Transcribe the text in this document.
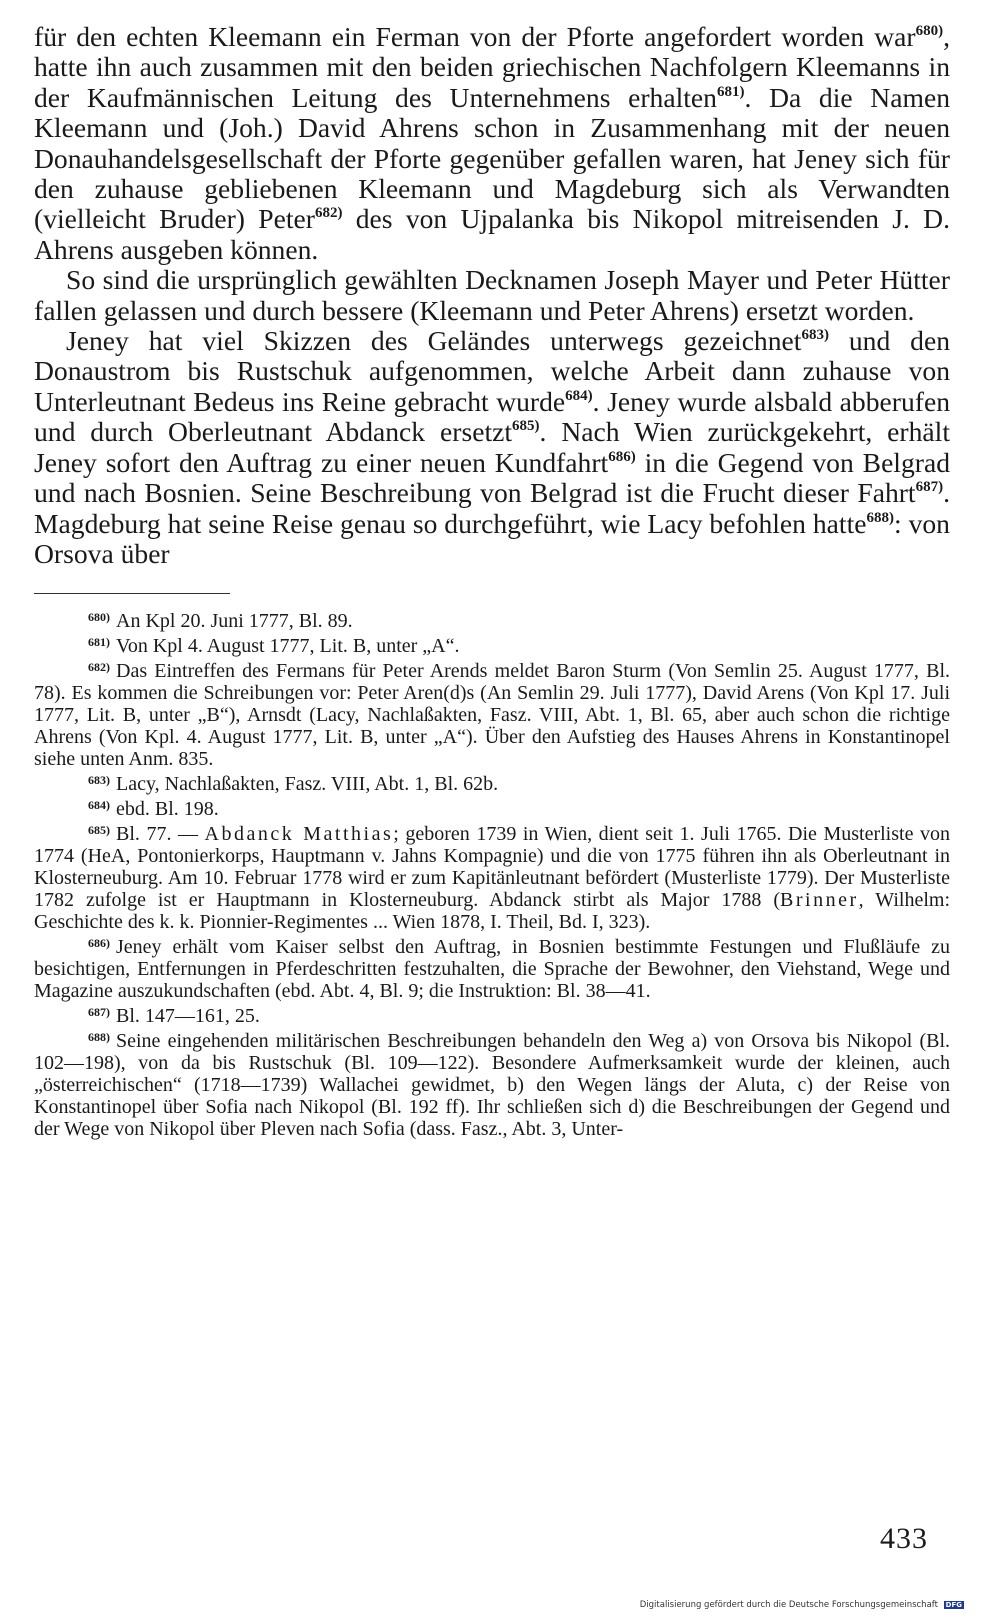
für den echten Kleemann ein Ferman von der Pforte angefordert worden war$^{680)}$, hatte ihn auch zusammen mit den beiden griechischen Nachfolgern Kleemanns in der Kaufmännischen Leitung des Unternehmens erhalten$^{681)}$. Da die Namen Kleemann und (Joh.) David Ahrens schon in Zusammenhang mit der neuen Donauhandelsgesellschaft der Pforte gegenüber gefallen waren, hat Jeney sich für den zuhause gebliebenen Kleemann und Magdeburg sich als Verwandten (vielleicht Bruder) Peter$^{682)}$ des von Ujpalanka bis Nikopol mitreisenden J. D. Ahrens ausgeben können.
So sind die ursprünglich gewählten Decknamen Joseph Mayer und Peter Hütter fallen gelassen und durch bessere (Kleemann und Peter Ahrens) ersetzt worden.
Jeney hat viel Skizzen des Geländes unterwegs gezeichnet$^{683)}$ und den Donaustrom bis Rustschuk aufgenommen, welche Arbeit dann zuhause von Unterleutnant Bedeus ins Reine gebracht wurde$^{684)}$. Jeney wurde alsbald abberufen und durch Oberleutnant Abdanck ersetzt$^{685)}$. Nach Wien zurückgekehrt, erhält Jeney sofort den Auftrag zu einer neuen Kundfahrt$^{686)}$ in die Gegend von Belgrad und nach Bosnien. Seine Beschreibung von Belgrad ist die Frucht dieser Fahrt$^{687)}$. Magdeburg hat seine Reise genau so durchgeführt, wie Lacy befohlen hatte$^{688)}$: von Orsova über
$^{680)}$ An Kpl 20. Juni 1777, Bl. 89.
$^{681)}$ Von Kpl 4. August 1777, Lit. B, unter „A“.
$^{682)}$ Das Eintreffen des Fermans für Peter Arends meldet Baron Sturm (Von Semlin 25. August 1777, Bl. 78). Es kommen die Schreibungen vor: Peter Aren(d)s (An Semlin 29. Juli 1777), David Arens (Von Kpl 17. Juli 1777, Lit. B, unter „B“), Arnsdt (Lacy, Nachlaßakten, Fasz. VIII, Abt. 1, Bl. 65, aber auch schon die richtige Ahrens (Von Kpl. 4. August 1777, Lit. B, unter „A“). Über den Aufstieg des Hauses Ahrens in Konstantinopel siehe unten Anm. 835.
$^{683)}$ Lacy, Nachlaßakten, Fasz. VIII, Abt. 1, Bl. 62b.
$^{684)}$ ebd. Bl. 198.
$^{685)}$ Bl. 77. — Abdanck Matthias; geboren 1739 in Wien, dient seit 1. Juli 1765. Die Musterliste von 1774 (HeA, Pontonierkorps, Hauptmann v. Jahns Kompagnie) und die von 1775 führen ihn als Oberleutnant in Klosterneuburg. Am 10. Februar 1778 wird er zum Kapitänleutnant befördert (Musterliste 1779). Der Musterliste 1782 zufolge ist er Hauptmann in Klosterneuburg. Abdanck stirbt als Major 1788 (Brinner, Wilhelm: Geschichte des k. k. Pionnier-Regimentes ... Wien 1878, I. Theil, Bd. I, 323).
$^{686)}$ Jeney erhält vom Kaiser selbst den Auftrag, in Bosnien bestimmte Festungen und Flußläufe zu besichtigen, Entfernungen in Pferdeschritten festzuhalten, die Sprache der Bewohner, den Viehstand, Wege und Magazine auszukundschaften (ebd. Abt. 4, Bl. 9; die Instruktion: Bl. 38—41.
$^{687)}$ Bl. 147—161, 25.
$^{688)}$ Seine eingehenden militärischen Beschreibungen behandeln den Weg a) von Orsova bis Nikopol (Bl. 102—198), von da bis Rustschuk (Bl. 109—122). Besondere Aufmerksamkeit wurde der kleinen, auch „österreichischen“ (1718—1739) Wallachei gewidmet, b) den Wegen längs der Aluta, c) der Reise von Konstantinopel über Sofia nach Nikopol (Bl. 192 ff). Ihr schließen sich d) die Beschreibungen der Gegend und der Wege von Nikopol über Pleven nach Sofia (dass. Fasz., Abt. 3, Unter-
433
Digitalisierung gefördert durch die Deutsche Forschungsgemeinschaft DFG
